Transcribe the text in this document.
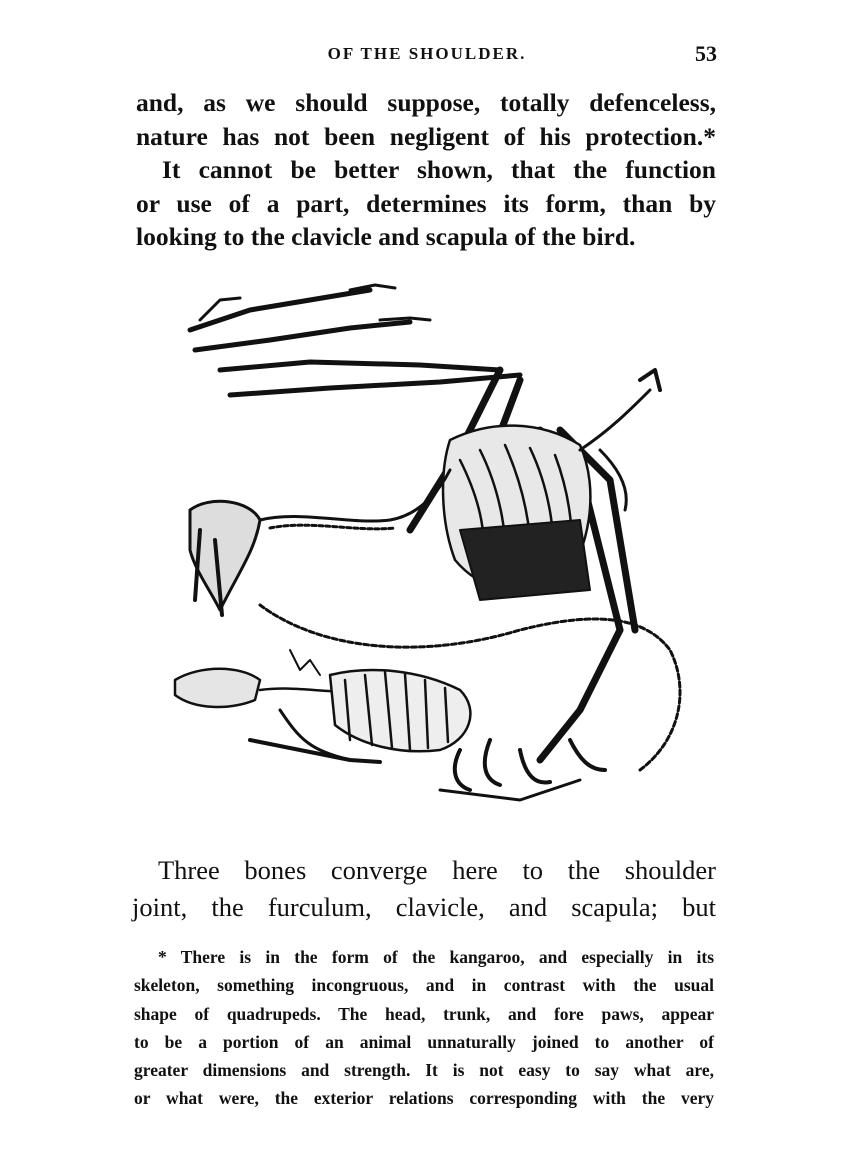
OF THE SHOULDER.	53
and, as we should suppose, totally defenceless,
nature has not been negligent of his protection.*
It cannot be better shown, that the function
or use of a part, determines its form, than by
looking to the clavicle and scapula of the bird.
Three bones converge here to the shoulder
joint, the furculum, clavicle, and scapula; but
* There is in the form of the kangaroo, and especially in its
skeleton, something incongruous, and in contrast with the usual
shape of quadrupeds. The head, trunk, and fore paws, appear
to be a portion of an animal unnaturally joined to another of
greater dimensions and strength. It is not easy to say what are,
or what were, the exterior relations corresponding with the very
